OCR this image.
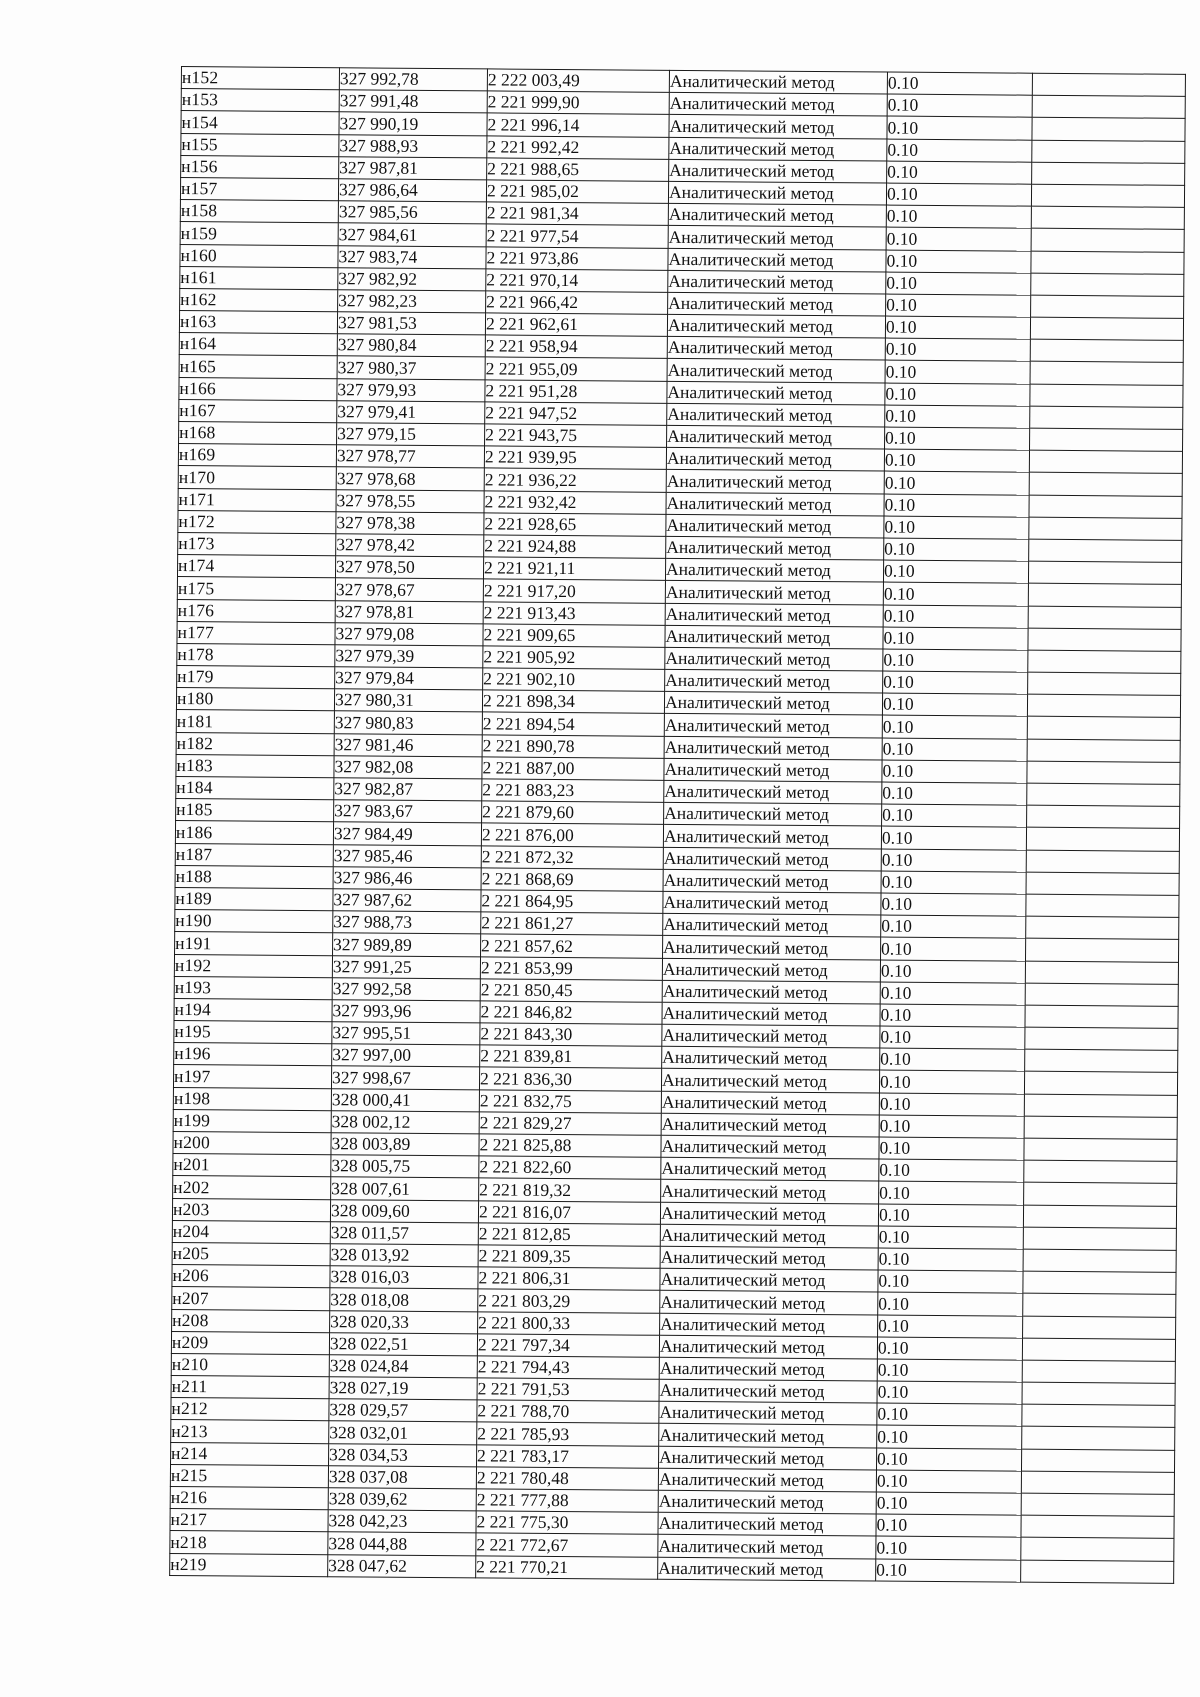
н152	327 992,78	2 222 003,49	Аналитический метод	0.10	
н153	327 991,48	2 221 999,90	Аналитический метод	0.10	
н154	327 990,19	2 221 996,14	Аналитический метод	0.10	
н155	327 988,93	2 221 992,42	Аналитический метод	0.10	
н156	327 987,81	2 221 988,65	Аналитический метод	0.10	
н157	327 986,64	2 221 985,02	Аналитический метод	0.10	
н158	327 985,56	2 221 981,34	Аналитический метод	0.10	
н159	327 984,61	2 221 977,54	Аналитический метод	0.10	
н160	327 983,74	2 221 973,86	Аналитический метод	0.10	
н161	327 982,92	2 221 970,14	Аналитический метод	0.10	
н162	327 982,23	2 221 966,42	Аналитический метод	0.10	
н163	327 981,53	2 221 962,61	Аналитический метод	0.10	
н164	327 980,84	2 221 958,94	Аналитический метод	0.10	
н165	327 980,37	2 221 955,09	Аналитический метод	0.10	
н166	327 979,93	2 221 951,28	Аналитический метод	0.10	
н167	327 979,41	2 221 947,52	Аналитический метод	0.10	
н168	327 979,15	2 221 943,75	Аналитический метод	0.10	
н169	327 978,77	2 221 939,95	Аналитический метод	0.10	
н170	327 978,68	2 221 936,22	Аналитический метод	0.10	
н171	327 978,55	2 221 932,42	Аналитический метод	0.10	
н172	327 978,38	2 221 928,65	Аналитический метод	0.10	
н173	327 978,42	2 221 924,88	Аналитический метод	0.10	
н174	327 978,50	2 221 921,11	Аналитический метод	0.10	
н175	327 978,67	2 221 917,20	Аналитический метод	0.10	
н176	327 978,81	2 221 913,43	Аналитический метод	0.10	
н177	327 979,08	2 221 909,65	Аналитический метод	0.10	
н178	327 979,39	2 221 905,92	Аналитический метод	0.10	
н179	327 979,84	2 221 902,10	Аналитический метод	0.10	
н180	327 980,31	2 221 898,34	Аналитический метод	0.10	
н181	327 980,83	2 221 894,54	Аналитический метод	0.10	
н182	327 981,46	2 221 890,78	Аналитический метод	0.10	
н183	327 982,08	2 221 887,00	Аналитический метод	0.10	
н184	327 982,87	2 221 883,23	Аналитический метод	0.10	
н185	327 983,67	2 221 879,60	Аналитический метод	0.10	
н186	327 984,49	2 221 876,00	Аналитический метод	0.10	
н187	327 985,46	2 221 872,32	Аналитический метод	0.10	
н188	327 986,46	2 221 868,69	Аналитический метод	0.10	
н189	327 987,62	2 221 864,95	Аналитический метод	0.10	
н190	327 988,73	2 221 861,27	Аналитический метод	0.10	
н191	327 989,89	2 221 857,62	Аналитический метод	0.10	
н192	327 991,25	2 221 853,99	Аналитический метод	0.10	
н193	327 992,58	2 221 850,45	Аналитический метод	0.10	
н194	327 993,96	2 221 846,82	Аналитический метод	0.10	
н195	327 995,51	2 221 843,30	Аналитический метод	0.10	
н196	327 997,00	2 221 839,81	Аналитический метод	0.10	
н197	327 998,67	2 221 836,30	Аналитический метод	0.10	
н198	328 000,41	2 221 832,75	Аналитический метод	0.10	
н199	328 002,12	2 221 829,27	Аналитический метод	0.10	
н200	328 003,89	2 221 825,88	Аналитический метод	0.10	
н201	328 005,75	2 221 822,60	Аналитический метод	0.10	
н202	328 007,61	2 221 819,32	Аналитический метод	0.10	
н203	328 009,60	2 221 816,07	Аналитический метод	0.10	
н204	328 011,57	2 221 812,85	Аналитический метод	0.10	
н205	328 013,92	2 221 809,35	Аналитический метод	0.10	
н206	328 016,03	2 221 806,31	Аналитический метод	0.10	
н207	328 018,08	2 221 803,29	Аналитический метод	0.10	
н208	328 020,33	2 221 800,33	Аналитический метод	0.10	
н209	328 022,51	2 221 797,34	Аналитический метод	0.10	
н210	328 024,84	2 221 794,43	Аналитический метод	0.10	
н211	328 027,19	2 221 791,53	Аналитический метод	0.10	
н212	328 029,57	2 221 788,70	Аналитический метод	0.10	
н213	328 032,01	2 221 785,93	Аналитический метод	0.10	
н214	328 034,53	2 221 783,17	Аналитический метод	0.10	
н215	328 037,08	2 221 780,48	Аналитический метод	0.10	
н216	328 039,62	2 221 777,88	Аналитический метод	0.10	
н217	328 042,23	2 221 775,30	Аналитический метод	0.10	
н218	328 044,88	2 221 772,67	Аналитический метод	0.10	
н219	328 047,62	2 221 770,21	Аналитический метод	0.10	
